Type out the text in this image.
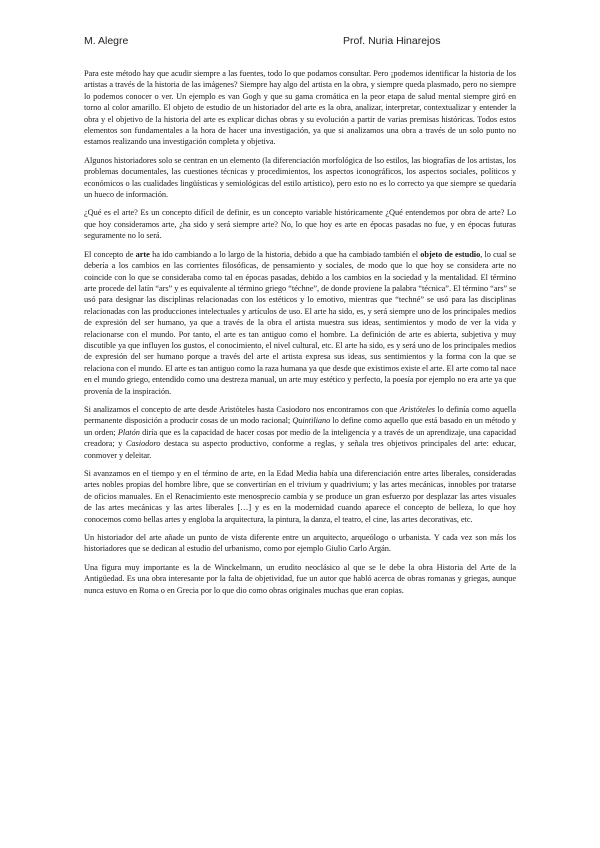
M. Alegre	Prof. Nuria Hinarejos

Para este método hay que acudir siempre a las fuentes, todo lo que podamos consultar. Pero ¡podemos identificar la historia de los artistas a través de la historia de las imágenes? Siempre hay algo del artista en la obra, y siempre queda plasmado, pero no siempre lo podemos conocer o ver. Un ejemplo es van Gogh y que su gama cromática en la peor etapa de salud mental siempre giró en torno al color amarillo. El objeto de estudio de un historiador del arte es la obra, analizar, interpretar, contextualizar y entender la obra y el objetivo de la historia del arte es explicar dichas obras y su evolución a partir de varias premisas históricas. Todos estos elementos son fundamentales a la hora de hacer una investigación, ya que si analizamos una obra a través de un solo punto no estamos realizando una investigación completa y objetiva.

Algunos historiadores solo se centran en un elemento (la diferenciación morfológica de lso estilos, las biografías de los artistas, los problemas documentales, las cuestiones técnicas y procedimientos, los aspectos iconográficos, los aspectos sociales, políticos y económicos o las cualidades lingüísticas y semiológicas del estilo artístico), pero esto no es lo correcto ya que siempre se quedaría un hueco de información.

¿Qué es el arte? Es un concepto difícil de definir, es un concepto variable históricamente ¿Qué entendemos por obra de arte? Lo que hoy consideramos arte, ¿ha sido y será siempre arte? No, lo que hoy es arte en épocas pasadas no fue, y en épocas futuras seguramente no lo será.

El concepto de arte ha ido cambiando a lo largo de la historia, debido a que ha cambiado también el objeto de estudio, lo cual se debería a los cambios en las corrientes filosóficas, de pensamiento y sociales, de modo que lo que hoy se considera arte no coincide con lo que se consideraba como tal en épocas pasadas, debido a los cambios en la sociedad y la mentalidad. El término arte procede del latín “ars” y es equivalente al término griego “téchne”, de donde proviene la palabra “técnica”. El término “ars” se usó para designar las disciplinas relacionadas con los estéticos y lo emotivo, mientras que “techné” se usó para las disciplinas relacionadas con las producciones intelectuales y artículos de uso. El arte ha sido, es, y será siempre uno de los principales medios de expresión del ser humano, ya que a través de la obra el artista muestra sus ideas, sentimientos y modo de ver la vida y relacionarse con el mundo. Por tanto, el arte es tan antiguo como el hombre. La definición de arte es abierta, subjetiva y muy discutible ya que influyen los gustos, el conocimiento, el nivel cultural, etc. El arte ha sido, es y será uno de los principales medios de expresión del ser humano porque a través del arte el artista expresa sus ideas, sus sentimientos y la forma con la que se relaciona con el mundo. El arte es tan antiguo como la raza humana ya que desde que existimos existe el arte. El arte como tal nace en el mundo griego, entendido como una destreza manual, un arte muy estético y perfecto, la poesía por ejemplo no era arte ya que provenía de la inspiración.

Si analizamos el concepto de arte desde Aristóteles hasta Casiodoro nos encontramos con que Aristóteles lo definía como aquella permanente disposición a producir cosas de un modo racional; Quintiliano lo define como aquello que está basado en un método y un orden; Platón diría que es la capacidad de hacer cosas por medio de la inteligencia y a través de un aprendizaje, una capacidad creadora; y Casiodoro destaca su aspecto productivo, conforme a reglas, y señala tres objetivos principales del arte: educar, conmover y deleitar.

Si avanzamos en el tiempo y en el término de arte, en la Edad Media había una diferenciación entre artes liberales, consideradas artes nobles propias del hombre libre, que se convertirían en el trivium y quadrivium; y las artes mecánicas, innobles por tratarse de oficios manuales. En el Renacimiento este menosprecio cambia y se produce un gran esfuerzo por desplazar las artes visuales de las artes mecánicas y las artes liberales […] y es en la modernidad cuando aparece el concepto de belleza, lo que hoy conocemos como bellas artes y engloba la arquitectura, la pintura, la danza, el teatro, el cine, las artes decorativas, etc.

Un historiador del arte añade un punto de vista diferente entre un arquitecto, arqueólogo o urbanista. Y cada vez son más los historiadores que se dedican al estudio del urbanismo, como por ejemplo Giulio Carlo Argán.

Una figura muy importante es la de Winckelmann, un erudito neoclásico al que se le debe la obra Historia del Arte de la Antigüedad. Es una obra interesante por la falta de objetividad, fue un autor que habló acerca de obras romanas y griegas, aunque nunca estuvo en Roma o en Grecia por lo que dio como obras originales muchas que eran copias.
